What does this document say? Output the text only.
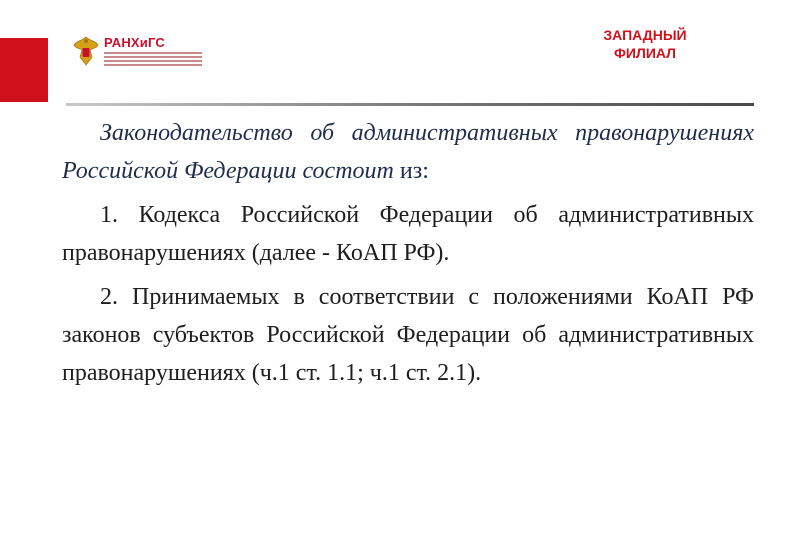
РАНХиГС	ЗАПАДНЫЙ
ФИЛИАЛ

Законодательство об административных правонарушениях Российской Федерации состоит из:

1. Кодекса Российской Федерации об административных правонарушениях (далее - КоАП РФ).

2. Принимаемых в соответствии с положениями КоАП РФ законов субъектов Российской Федерации об административных правонарушениях (ч.1 ст. 1.1; ч.1 ст. 2.1).
